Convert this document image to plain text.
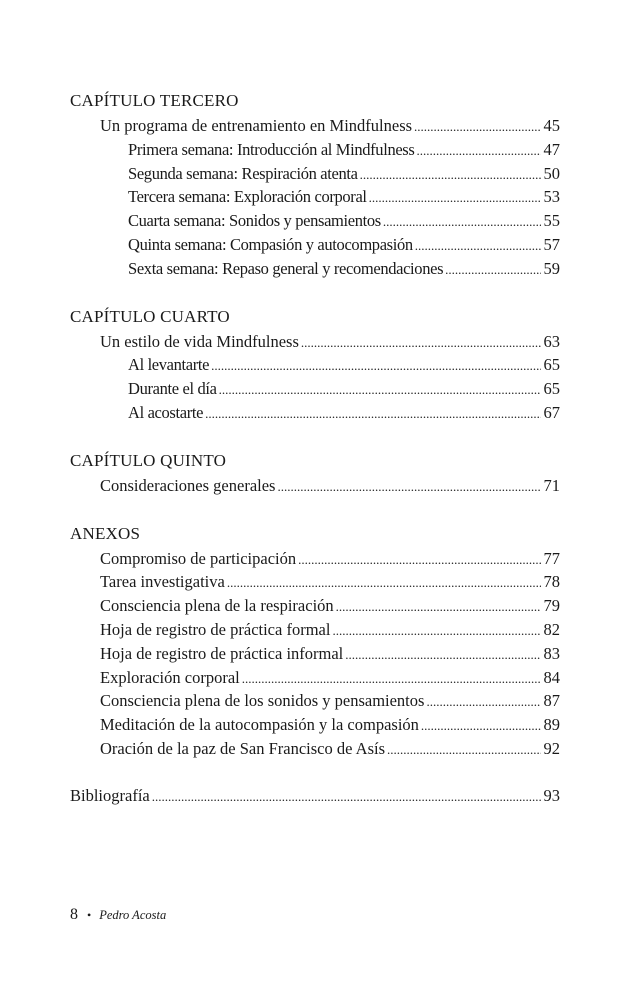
CAPÍTULO TERCERO
Un programa de entrenamiento en Mindfulness .....	45
Primera semana: Introducción al Mindfulness .....	47
Segunda semana: Respiración atenta .....	50
Tercera semana: Exploración corporal .....	53
Cuarta semana: Sonidos y pensamientos .....	55
Quinta semana: Compasión y autocompasión .....	57
Sexta semana: Repaso general y recomendaciones .....	59
CAPÍTULO CUARTO
Un estilo de vida Mindfulness .....	63
Al levantarte .....	65
Durante el día .....	65
Al acostarte .....	67
CAPÍTULO QUINTO
Consideraciones generales .....	71
ANEXOS
Compromiso de participación .....	77
Tarea investigativa .....	78
Consciencia plena de la respiración .....	79
Hoja de registro de práctica formal .....	82
Hoja de registro de práctica informal .....	83
Exploración corporal .....	84
Consciencia plena de los sonidos y pensamientos .....	87
Meditación de la autocompasión y la compasión .....	89
Oración de la paz de San Francisco de Asís .....	92
Bibliografía .....	93
8 • Pedro Acosta
